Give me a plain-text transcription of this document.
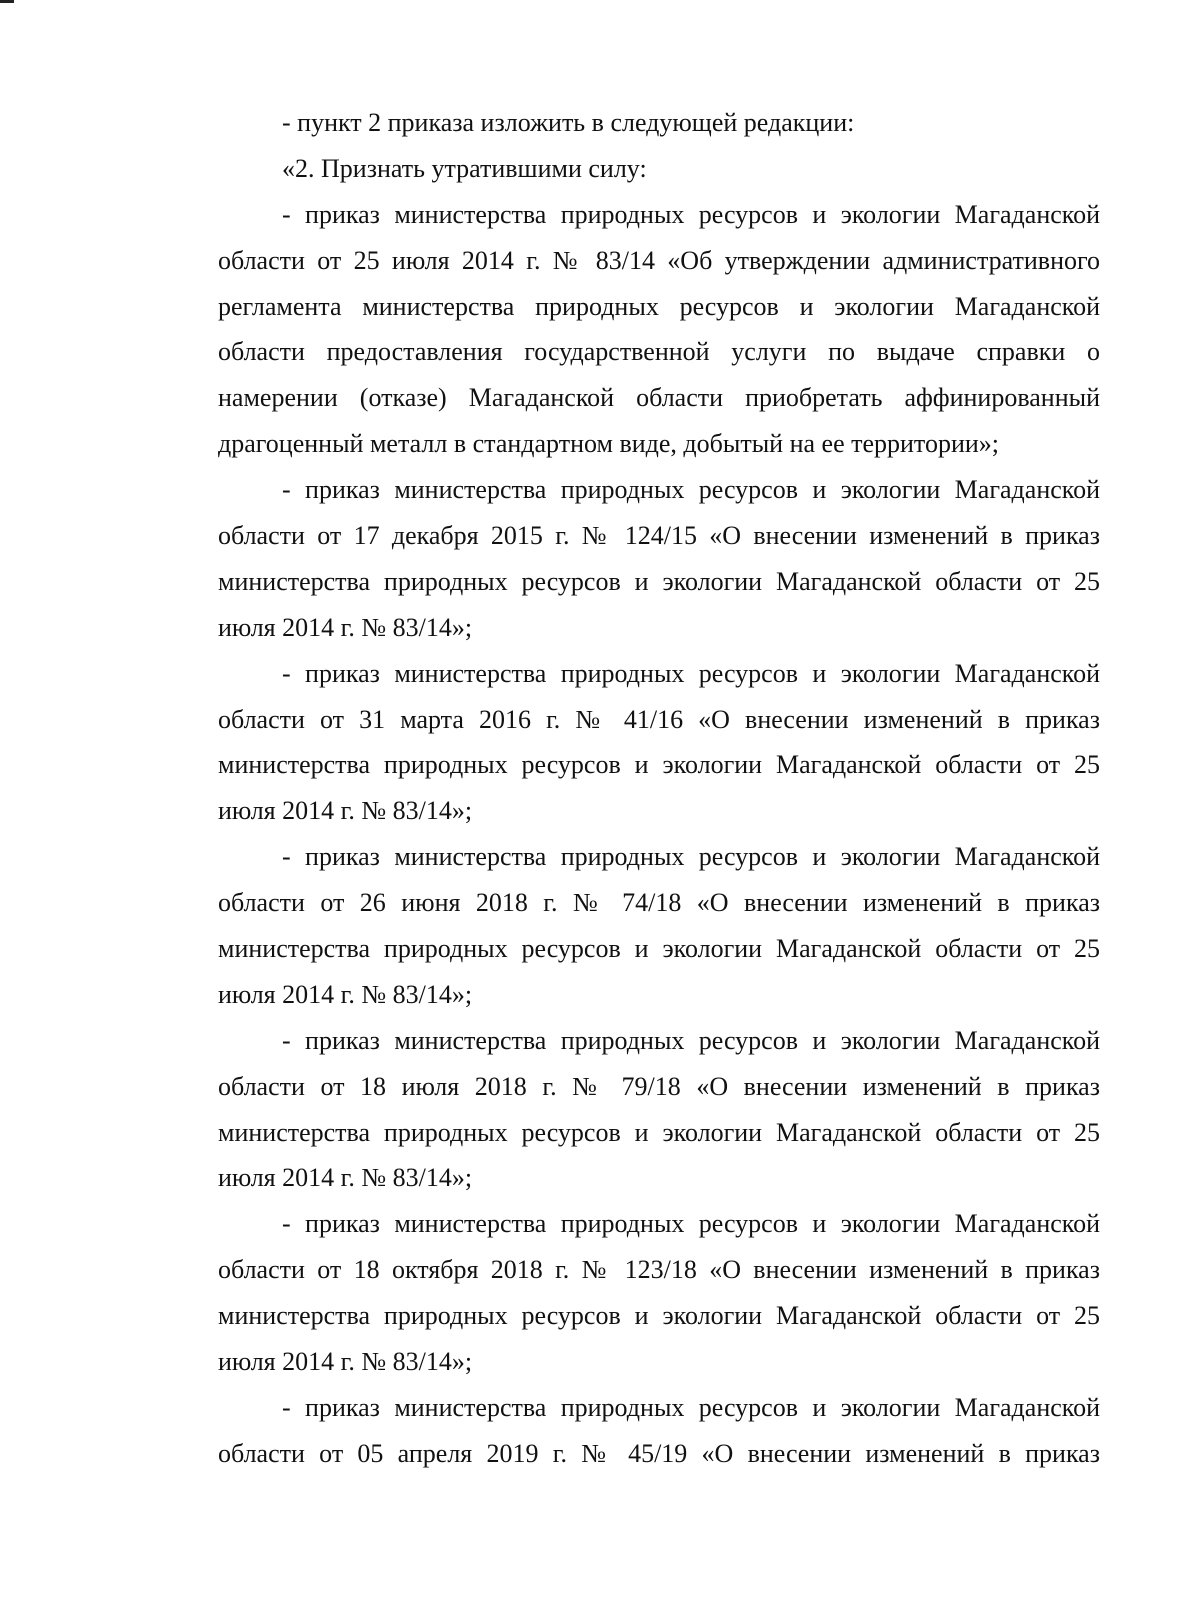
- пункт 2 приказа изложить в следующей редакции:
«2. Признать утратившими силу:
- приказ министерства природных ресурсов и экологии Магаданской
области от 25 июля 2014 г. № 83/14 «Об утверждении административного
регламента министерства природных ресурсов и экологии Магаданской
области предоставления государственной услуги по выдаче справки о
намерении (отказе) Магаданской области приобретать аффинированный
драгоценный металл в стандартном виде, добытый на ее территории»;
- приказ министерства природных ресурсов и экологии Магаданской
области от 17 декабря 2015 г. № 124/15 «О внесении изменений в приказ
министерства природных ресурсов и экологии Магаданской области от 25
июля 2014 г. № 83/14»;
- приказ министерства природных ресурсов и экологии Магаданской
области от 31 марта 2016 г. № 41/16 «О внесении изменений в приказ
министерства природных ресурсов и экологии Магаданской области от 25
июля 2014 г. № 83/14»;
- приказ министерства природных ресурсов и экологии Магаданской
области от 26 июня 2018 г. № 74/18 «О внесении изменений в приказ
министерства природных ресурсов и экологии Магаданской области от 25
июля 2014 г. № 83/14»;
- приказ министерства природных ресурсов и экологии Магаданской
области от 18 июля 2018 г. № 79/18 «О внесении изменений в приказ
министерства природных ресурсов и экологии Магаданской области от 25
июля 2014 г. № 83/14»;
- приказ министерства природных ресурсов и экологии Магаданской
области от 18 октября 2018 г. № 123/18 «О внесении изменений в приказ
министерства природных ресурсов и экологии Магаданской области от 25
июля 2014 г. № 83/14»;
- приказ министерства природных ресурсов и экологии Магаданской
области от 05 апреля 2019 г. № 45/19 «О внесении изменений в приказ
